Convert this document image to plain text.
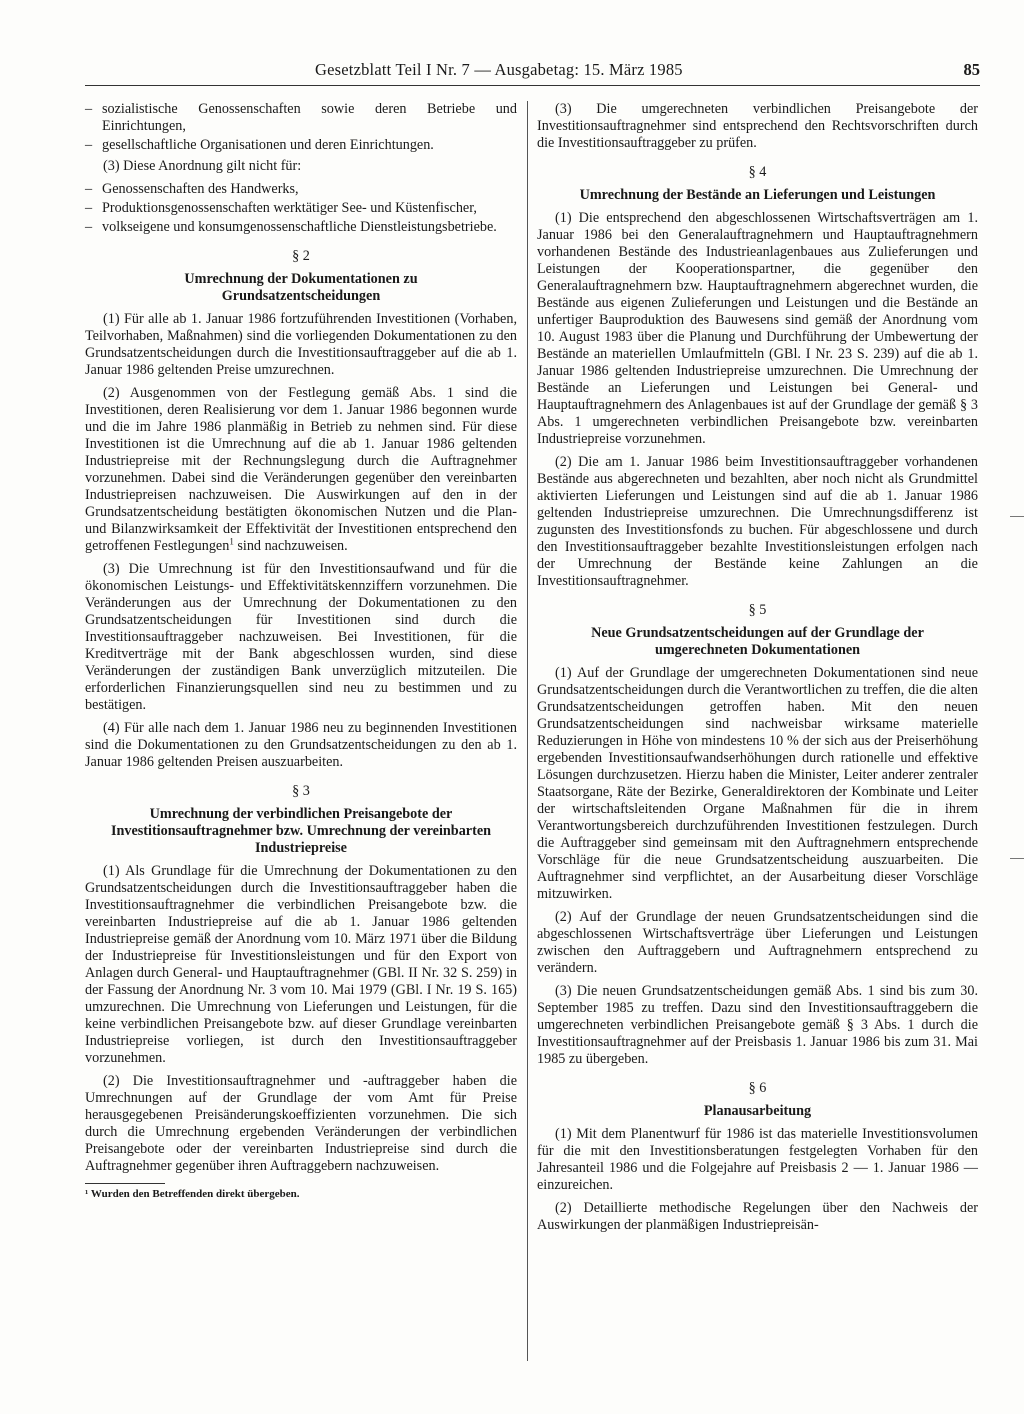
Gesetzblatt Teil I Nr. 7 — Ausgabetag: 15. März 1985	85
– sozialistische Genossenschaften sowie deren Betriebe und Einrichtungen,
– gesellschaftliche Organisationen und deren Einrichtungen.

(3) Diese Anordnung gilt nicht für:

– Genossenschaften des Handwerks,
– Produktionsgenossenschaften werktätiger See- und Küstenfischer,
– volkseigene und konsumgenossenschaftliche Dienstleistungsbetriebe.
§ 2
Umrechnung der Dokumentationen zu Grundsatzentscheidungen

(1) Für alle ab 1. Januar 1986 fortzuführenden Investitionen (Vorhaben, Teilvorhaben, Maßnahmen) sind die vorliegenden Dokumentationen zu den Grundsatzentscheidungen durch die Investitionsauftraggeber auf die ab 1. Januar 1986 geltenden Preise umzurechnen.

(2) Ausgenommen von der Festlegung gemäß Abs. 1 sind die Investitionen, deren Realisierung vor dem 1. Januar 1986 begonnen wurde und die im Jahre 1986 planmäßig in Betrieb zu nehmen sind. Für diese Investitionen ist die Umrechnung auf die ab 1. Januar 1986 geltenden Industriepreise mit der Rechnungslegung durch die Auftragnehmer vorzunehmen. Dabei sind die Veränderungen gegenüber den vereinbarten Industriepreisen nachzuweisen. Die Auswirkungen auf den in der Grundsatzentscheidung bestätigten ökonomischen Nutzen und die Plan- und Bilanzwirksamkeit der Effektivität der Investitionen entsprechend den getroffenen Festlegungen$^1$ sind nachzuweisen.

(3) Die Umrechnung ist für den Investitionsaufwand und für die ökonomischen Leistungs- und Effektivitätskennziffern vorzunehmen. Die Veränderungen aus der Umrechnung der Dokumentationen zu den Grundsatzentscheidungen für Investitionen sind durch die Investitionsauftraggeber nachzuweisen. Bei Investitionen, für die Kreditverträge mit der Bank abgeschlossen wurden, sind diese Veränderungen der zuständigen Bank unverzüglich mitzuteilen. Die erforderlichen Finanzierungsquellen sind neu zu bestimmen und zu bestätigen.

(4) Für alle nach dem 1. Januar 1986 neu zu beginnenden Investitionen sind die Dokumentationen zu den Grundsatzentscheidungen zu den ab 1. Januar 1986 geltenden Preisen auszuarbeiten.

§ 3
Umrechnung der verbindlichen Preisangebote der Investitionsauftragnehmer bzw. Umrechnung der vereinbarten Industriepreise

(1) Als Grundlage für die Umrechnung der Dokumentationen zu den Grundsatzentscheidungen durch die Investitionsauftraggeber haben die Investitionsauftragnehmer die verbindlichen Preisangebote bzw. die vereinbarten Industriepreise auf die ab 1. Januar 1986 geltenden Industriepreise gemäß der Anordnung vom 10. März 1971 über die Bildung der Industriepreise für Investitionsleistungen und für den Export von Anlagen durch General- und Hauptauftragnehmer (GBl. II Nr. 32 S. 259) in der Fassung der Anordnung Nr. 3 vom 10. Mai 1979 (GBl. I Nr. 19 S. 165) umzurechnen. Die Umrechnung von Lieferungen und Leistungen, für die keine verbindlichen Preisangebote bzw. auf dieser Grundlage vereinbarten Industriepreise vorliegen, ist durch den Investitionsauftraggeber vorzunehmen.

(2) Die Investitionsauftragnehmer und -auftraggeber haben die Umrechnungen auf der Grundlage der vom Amt für Preise herausgegebenen Preisänderungskoeffizienten vorzunehmen. Die sich durch die Umrechnung ergebenden Veränderungen der verbindlichen Preisangebote oder der vereinbarten Industriepreise sind durch die Auftragnehmer gegenüber ihren Auftraggebern nachzuweisen.

¹ Wurden den Betreffenden direkt übergeben.

(3) Die umgerechneten verbindlichen Preisangebote der Investitionsauftragnehmer sind entsprechend den Rechtsvorschriften durch die Investitionsauftraggeber zu prüfen.

§ 4
Umrechnung der Bestände an Lieferungen und Leistungen

(1) Die entsprechend den abgeschlossenen Wirtschaftsverträgen am 1. Januar 1986 bei den Generalauftragnehmern und Hauptauftragnehmern vorhandenen Bestände des Industrieanlagenbaues aus Zulieferungen und Leistungen der Kooperationspartner, die gegenüber den Generalauftragnehmern bzw. Hauptauftragnehmern abgerechnet wurden, die Bestände aus eigenen Zulieferungen und Leistungen und die Bestände an unfertiger Bauproduktion des Bauwesens sind gemäß der Anordnung vom 10. August 1983 über die Planung und Durchführung der Umbewertung der Bestände an materiellen Umlaufmitteln (GBl. I Nr. 23 S. 239) auf die ab 1. Januar 1986 geltenden Industriepreise umzurechnen. Die Umrechnung der Bestände an Lieferungen und Leistungen bei General- und Hauptauftragnehmern des Anlagenbaues ist auf der Grundlage der gemäß § 3 Abs. 1 umgerechneten verbindlichen Preisangebote bzw. vereinbarten Industriepreise vorzunehmen.

(2) Die am 1. Januar 1986 beim Investitionsauftraggeber vorhandenen Bestände aus abgerechneten und bezahlten, aber noch nicht als Grundmittel aktivierten Lieferungen und Leistungen sind auf die ab 1. Januar 1986 geltenden Industriepreise umzurechnen. Die Umrechnungsdifferenz ist zugunsten des Investitionsfonds zu buchen. Für abgeschlossene und durch den Investitionsauftraggeber bezahlte Investitionsleistungen erfolgen nach der Umrechnung der Bestände keine Zahlungen an die Investitionsauftragnehmer.

§ 5
Neue Grundsatzentscheidungen auf der Grundlage der umgerechneten Dokumentationen

(1) Auf der Grundlage der umgerechneten Dokumentationen sind neue Grundsatzentscheidungen durch die Verantwortlichen zu treffen, die die alten Grundsatzentscheidungen getroffen haben. Mit den neuen Grundsatzentscheidungen sind nachweisbar wirksame materielle Reduzierungen in Höhe von mindestens 10 % der sich aus der Preiserhöhung ergebenden Investitionsaufwandserhöhungen durch rationelle und effektive Lösungen durchzusetzen. Hierzu haben die Minister, Leiter anderer zentraler Staatsorgane, Räte der Bezirke, Generaldirektoren der Kombinate und Leiter der wirtschaftsleitenden Organe Maßnahmen für die in ihrem Verantwortungsbereich durchzuführenden Investitionen festzulegen. Durch die Auftraggeber sind gemeinsam mit den Auftragnehmern entsprechende Vorschläge für die neue Grundsatzentscheidung auszuarbeiten. Die Auftragnehmer sind verpflichtet, an der Ausarbeitung dieser Vorschläge mitzuwirken.

(2) Auf der Grundlage der neuen Grundsatzentscheidungen sind die abgeschlossenen Wirtschaftsverträge über Lieferungen und Leistungen zwischen den Auftraggebern und Auftragnehmern entsprechend zu verändern.

(3) Die neuen Grundsatzentscheidungen gemäß Abs. 1 sind bis zum 30. September 1985 zu treffen. Dazu sind den Investitionsauftraggebern die umgerechneten verbindlichen Preisangebote gemäß § 3 Abs. 1 durch die Investitionsauftragnehmer auf der Preisbasis 1. Januar 1986 bis zum 31. Mai 1985 zu übergeben.

§ 6
Planausarbeitung

(1) Mit dem Planentwurf für 1986 ist das materielle Investitionsvolumen für die mit den Investitionsberatungen festgelegten Vorhaben für den Jahresanteil 1986 und die Folgejahre auf Preisbasis 2 — 1. Januar 1986 — einzureichen.

(2) Detaillierte methodische Regelungen über den Nachweis der Auswirkungen der planmäßigen Industriepreisän-
